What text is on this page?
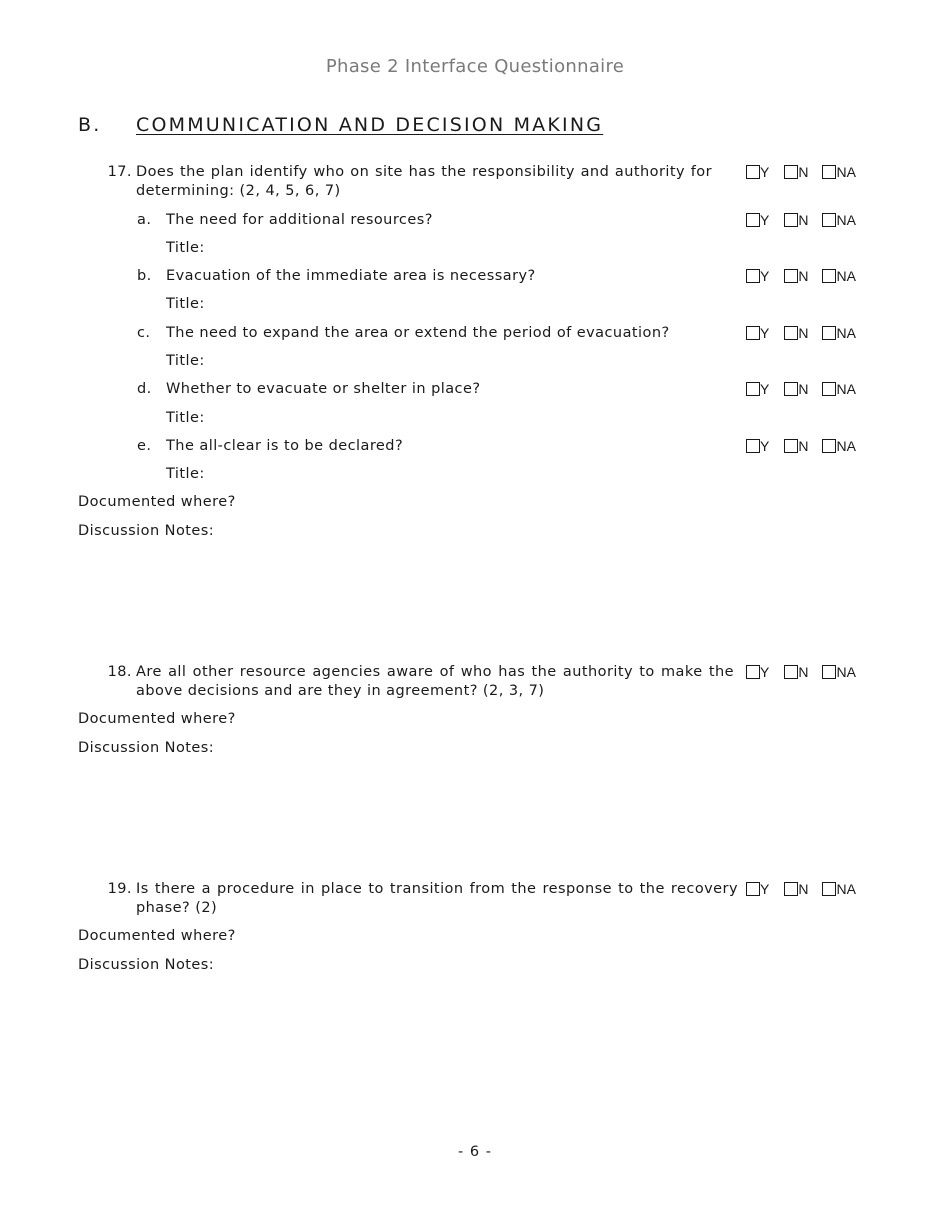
Phase 2 Interface Questionnaire
B. COMMUNICATION AND DECISION MAKING
17. Does the plan identify who on site has the responsibility and authority for determining: (2, 4, 5, 6, 7)
Y N NA
a. The need for additional resources?	Y N NA
Title:
b. Evacuation of the immediate area is necessary?	Y N NA
Title:
c. The need to expand the area or extend the period of evacuation?	Y N NA
Title:
d. Whether to evacuate or shelter in place?	Y N NA
Title:
e. The all-clear is to be declared?	Y N NA
Title:
Documented where?
Discussion Notes:
18. Are all other resource agencies aware of who has the authority to make the above decisions and are they in agreement? (2, 3, 7)
Y N NA
Documented where?
Discussion Notes:
19. Is there a procedure in place to transition from the response to the recovery phase? (2)
Y N NA
Documented where?
Discussion Notes:
- 6 -
